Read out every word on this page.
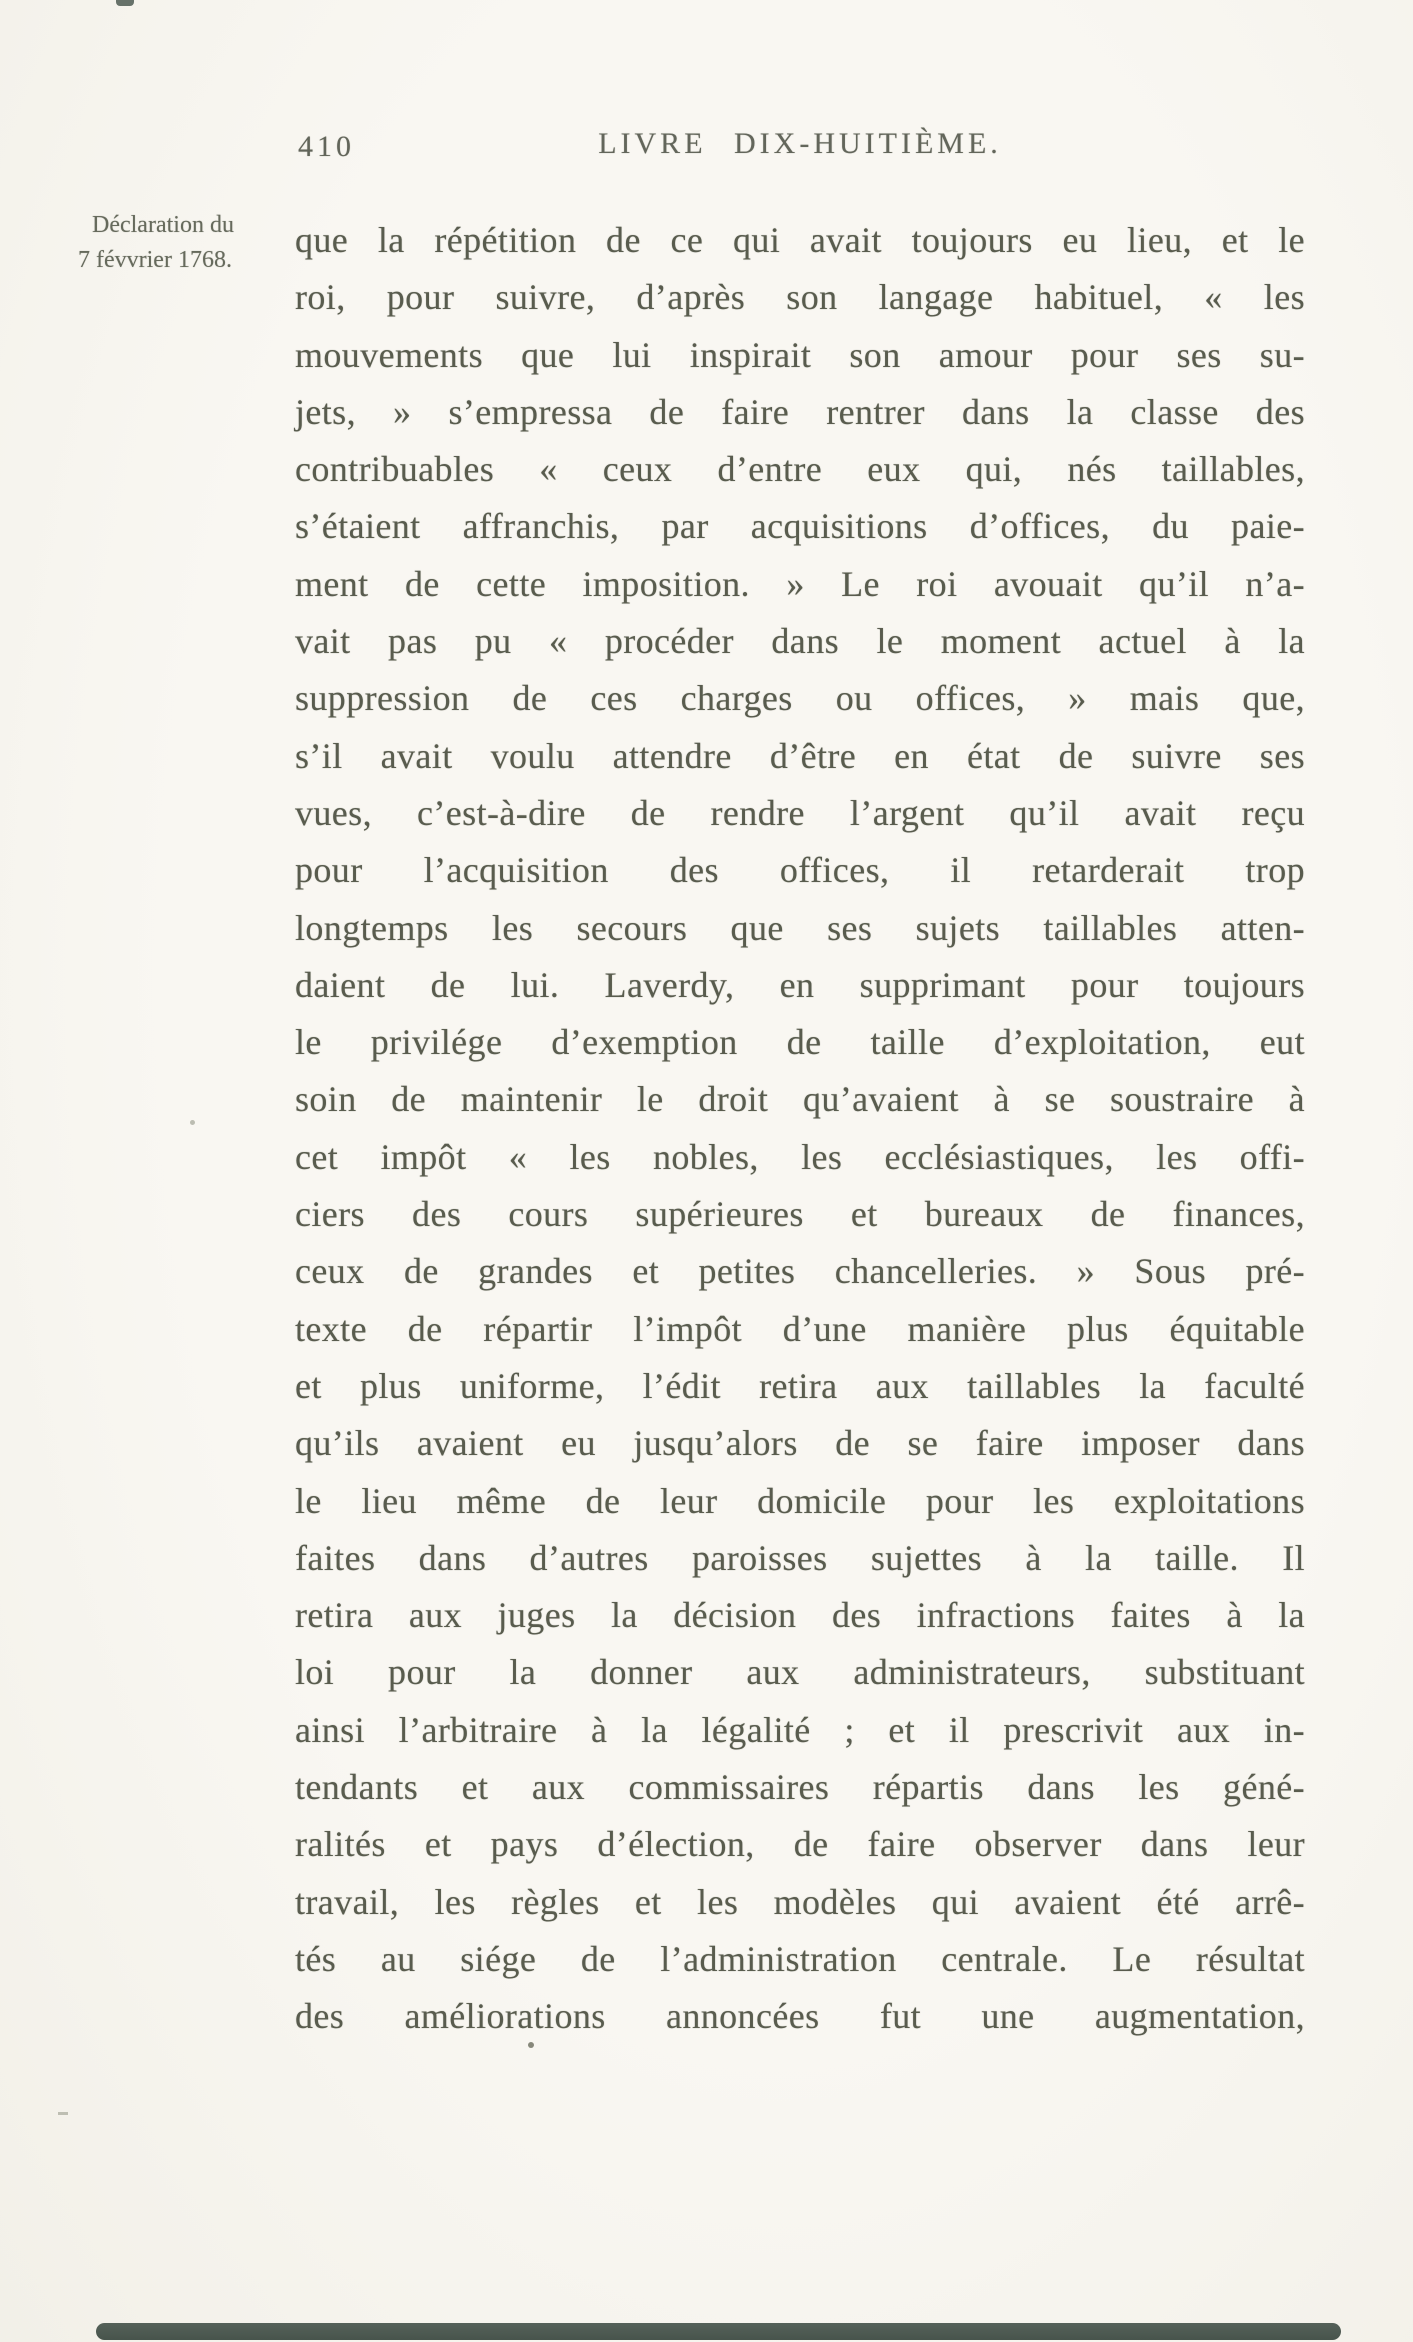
410	LIVRE DIX-HUITIÈME.
Déclaration du
7 févvrier 1768.	que la répétition de ce qui avait toujours eu lieu, et le
roi, pour suivre, d’après son langage habituel, « les
mouvements que lui inspirait son amour pour ses su-
jets, » s’empressa de faire rentrer dans la classe des
contribuables « ceux d’entre eux qui, nés taillables,
s’étaient affranchis, par acquisitions d’offices, du paie-
ment de cette imposition. » Le roi avouait qu’il n’a-
vait pas pu « procéder dans le moment actuel à la
suppression de ces charges ou offices, » mais que,
s’il avait voulu attendre d’être en état de suivre ses
vues, c’est-à-dire de rendre l’argent qu’il avait reçu
pour l’acquisition des offices, il retarderait trop
longtemps les secours que ses sujets taillables atten-
daient de lui. Laverdy, en supprimant pour toujours
le privilége d’exemption de taille d’exploitation, eut
soin de maintenir le droit qu’avaient à se soustraire à
cet impôt « les nobles, les ecclésiastiques, les offi-
ciers des cours supérieures et bureaux de finances,
ceux de grandes et petites chancelleries. » Sous pré-
texte de répartir l’impôt d’une manière plus équitable
et plus uniforme, l’édit retira aux taillables la faculté
qu’ils avaient eu jusqu’alors de se faire imposer dans
le lieu même de leur domicile pour les exploitations
faites dans d’autres paroisses sujettes à la taille. Il
retira aux juges la décision des infractions faites à la
loi pour la donner aux administrateurs, substituant
ainsi l’arbitraire à la légalité ; et il prescrivit aux in-
tendants et aux commissaires répartis dans les géné-
ralités et pays d’élection, de faire observer dans leur
travail, les règles et les modèles qui avaient été arrê-
tés au siége de l’administration centrale. Le résultat
des améliorations annoncées fut une augmentation,
